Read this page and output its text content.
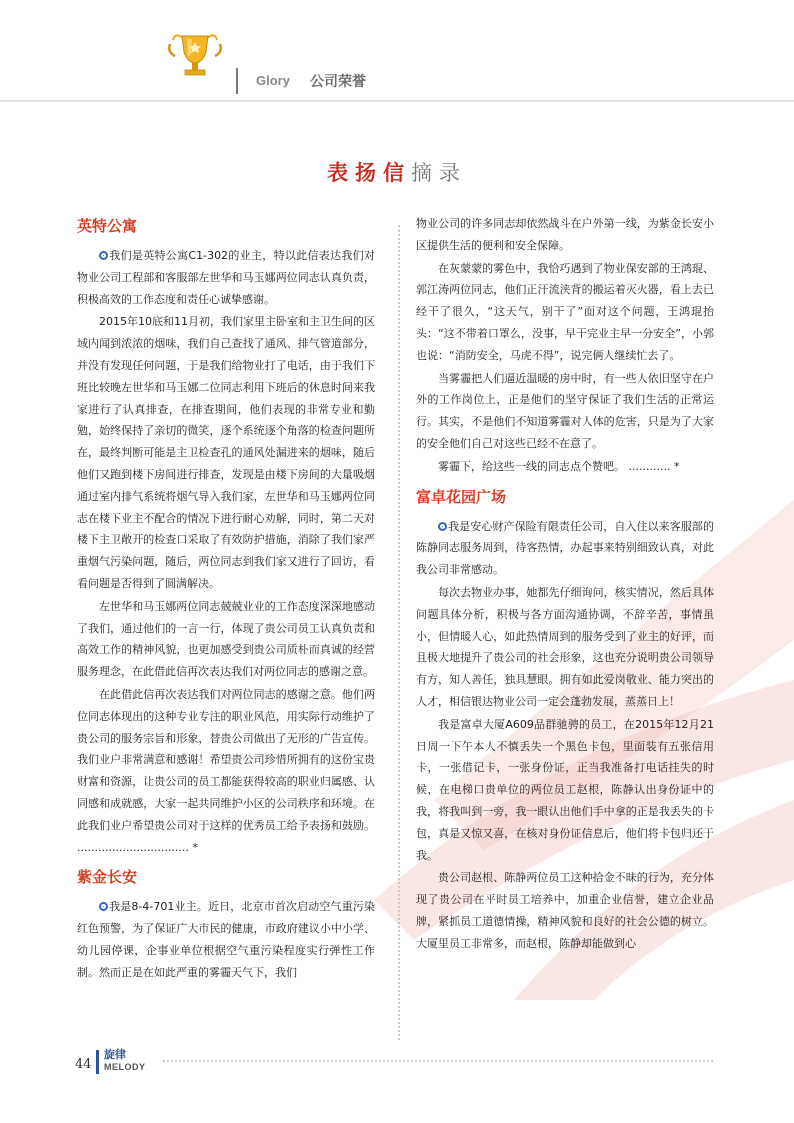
Glory 公司荣誉
表扬信摘录
英特公寓

我们是英特公寓C1-302的业主，特以此信表达我们对物业公司工程部和客服部左世华和马玉娜两位同志认真负责，积极高效的工作态度和责任心诚挚感谢。

2015年10底和11月初，我们家里主卧室和主卫生间的区域内闻到浓浓的烟味，我们自己查找了通风、排气管道部分，并没有发现任何问题，于是我们给物业打了电话，由于我们下班比较晚左世华和马玉娜二位同志利用下班后的休息时间来我家进行了认真排查，在排查期间，他们表现的非常专业和勤勉，始终保持了亲切的微笑，逐个系统逐个角落的检查问题所在，最终判断可能是主卫检查孔的通风处漏进来的烟味，随后他们又跑到楼下房间进行排查，发现是由楼下房间的大量吸烟通过室内排气系统将烟气导入我们家，左世华和马玉娜两位同志在楼下业主不配合的情况下进行耐心劝解，同时，第二天对楼下主卫敞开的检查口采取了有效防护措施，消除了我们家严重烟气污染问题，随后，两位同志到我们家又进行了回访，看看问题是否得到了圆满解决。

左世华和马玉娜两位同志兢兢业业的工作态度深深地感动了我们，通过他们的一言一行，体现了贵公司员工认真负责和高效工作的精神风貌，也更加感受到贵公司质朴而真诚的经营服务理念，在此借此信再次表达我们对两位同志的感谢之意。

在此借此信再次表达我们对两位同志的感谢之意。他们两位同志体现出的这种专业专注的职业风范，用实际行动维护了贵公司的服务宗旨和形象，替贵公司做出了无形的广告宣传。我们业户非常满意和感谢！希望贵公司珍惜所拥有的这份宝贵财富和资源，让贵公司的员工都能获得较高的职业归属感、认同感和成就感，大家一起共同维护小区的公司秩序和环境。在此我们业户希望贵公司对于这样的优秀员工给予表扬和鼓励。 ................................ *

紫金长安

我是8-4-701业主。近日，北京市首次启动空气重污染红色预警，为了保证广大市民的健康，市政府建议小中小学、幼儿园停课，企事业单位根据空气重污染程度实行弹性工作制。然而正是在如此严重的雾霾天气下，我们

物业公司的许多同志却依然战斗在户外第一线，为紫金长安小区提供生活的便利和安全保障。

在灰蒙蒙的雾色中，我恰巧遇到了物业保安部的王鸿琨、郭江涛两位同志，他们正汗流浃背的搬运着灭火器，看上去已经干了很久，“这天气，别干了”面对这个问题，王鸿琨抬头：“这不带着口罩么，没事，早干完业主早一分安全”，小郭也说：“消防安全，马虎不得”，说完俩人继续忙去了。

当雾霾把人们逼近温暖的房中时，有一些人依旧坚守在户外的工作岗位上，正是他们的坚守保证了我们生活的正常运行。其实，不是他们不知道雾霾对人体的危害，只是为了大家的安全他们自己对这些已经不在意了。

雾霾下，给这些一线的同志点个赞吧。 ............ *

富卓花园广场

我是安心财产保险有限责任公司，自入住以来客服部的陈静同志服务周到，待客热情，办起事来特别细致认真，对此我公司非常感动。

每次去物业办事，她都先仔细询问，核实情况，然后具体问题具体分析，积极与各方面沟通协调，不辞辛苦，事情虽小，但情暖人心，如此热情周到的服务受到了业主的好评，而且极大地提升了贵公司的社会形象，这也充分说明贵公司领导有方，知人善任，独具慧眼。拥有如此爱岗敬业、能力突出的人才，相信银达物业公司一定会蓬勃发展，蒸蒸日上！

我是富卓大厦A609品群驰骋的员工，在2015年12月21日周一下午本人不慎丢失一个黑色卡包，里面装有五张信用卡，一张借记卡，一张身份证，正当我准备打电话挂失的时候，在电梯口贵单位的两位员工赵根，陈静认出身份证中的我，将我叫到一旁，我一眼认出他们手中拿的正是我丢失的卡包，真是又惊又喜，在核对身份证信息后，他们将卡包归还于我。

贵公司赵根、陈静两位员工这种拾金不昧的行为，充分体现了贵公司在平时员工培养中，加重企业信誉，建立企业品牌，紧抓员工道德情操，精神风貌和良好的社会公德的树立。大厦里员工非常多，而赵根，陈静却能做到心

44
旋律
MELODY
